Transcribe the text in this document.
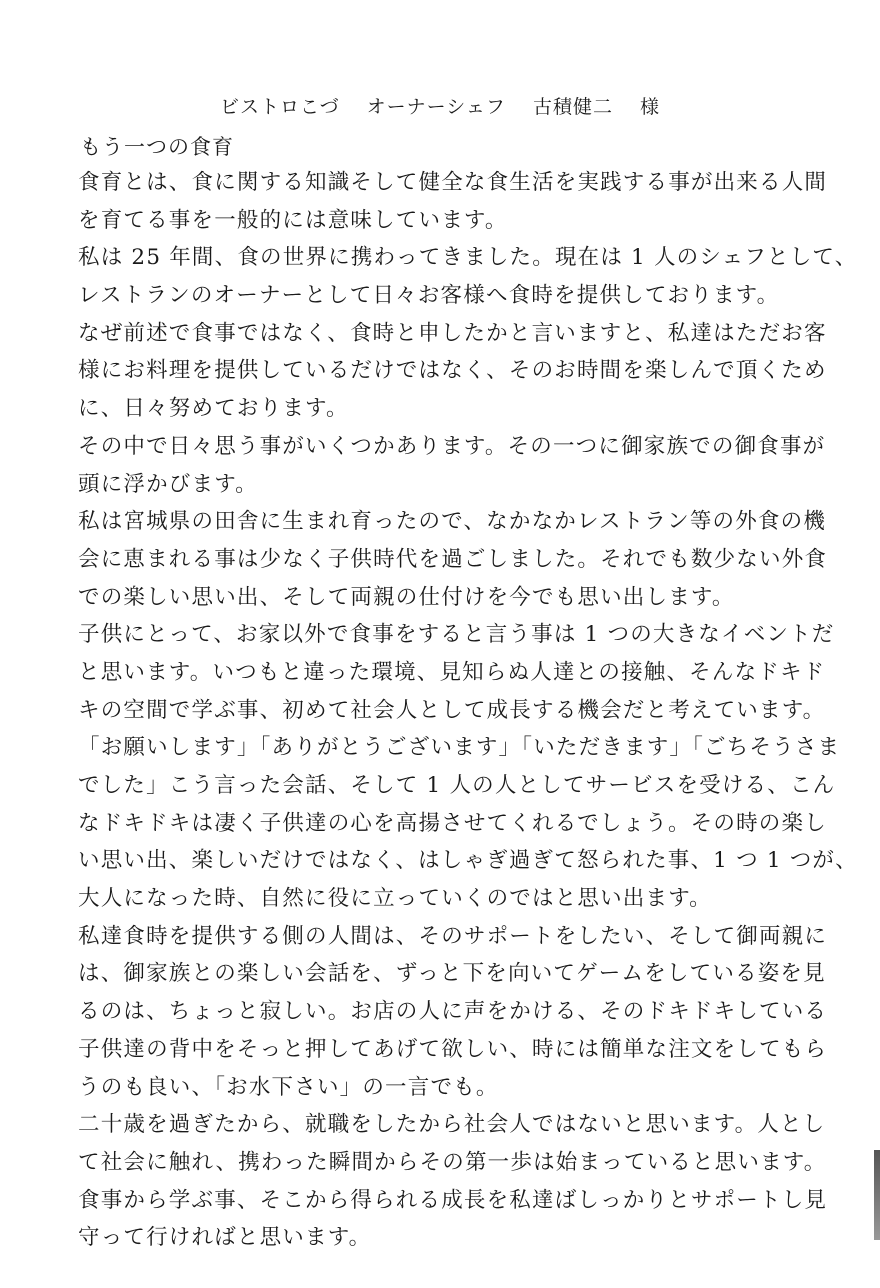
ビストロこづ オーナーシェフ 古積健二 様
もう一つの食育
食育とは、食に関する知識そして健全な食生活を実践する事が出来る人間
を育てる事を一般的には意味しています。
私は 25 年間、食の世界に携わってきました。現在は 1 人のシェフとして、
レストランのオーナーとして日々お客様へ食時を提供しております。
なぜ前述で食事ではなく、食時と申したかと言いますと、私達はただお客
様にお料理を提供しているだけではなく、そのお時間を楽しんで頂くため
に、日々努めております。
その中で日々思う事がいくつかあります。その一つに御家族での御食事が
頭に浮かびます。
私は宮城県の田舎に生まれ育ったので、なかなかレストラン等の外食の機
会に恵まれる事は少なく子供時代を過ごしました。それでも数少ない外食
での楽しい思い出、そして両親の仕付けを今でも思い出します。
子供にとって、お家以外で食事をすると言う事は 1 つの大きなイベントだ
と思います。いつもと違った環境、見知らぬ人達との接触、そんなドキド
キの空間で学ぶ事、初めて社会人として成長する機会だと考えています。
「お願いします」「ありがとうございます」「いただきます」「ごちそうさま
でした」こう言った会話、そして 1 人の人としてサービスを受ける、こん
なドキドキは凄く子供達の心を高揚させてくれるでしょう。その時の楽し
い思い出、楽しいだけではなく、はしゃぎ過ぎて怒られた事、1 つ 1 つが、
大人になった時、自然に役に立っていくのではと思い出ます。
私達食時を提供する側の人間は、そのサポートをしたい、そして御両親に
は、御家族との楽しい会話を、ずっと下を向いてゲームをしている姿を見
るのは、ちょっと寂しい。お店の人に声をかける、そのドキドキしている
子供達の背中をそっと押してあげて欲しい、時には簡単な注文をしてもら
うのも良い、「お水下さい」の一言でも。
二十歳を過ぎたから、就職をしたから社会人ではないと思います。人とし
て社会に触れ、携わった瞬間からその第一歩は始まっていると思います。
食事から学ぶ事、そこから得られる成長を私達ばしっかりとサポートし見
守って行ければと思います。
